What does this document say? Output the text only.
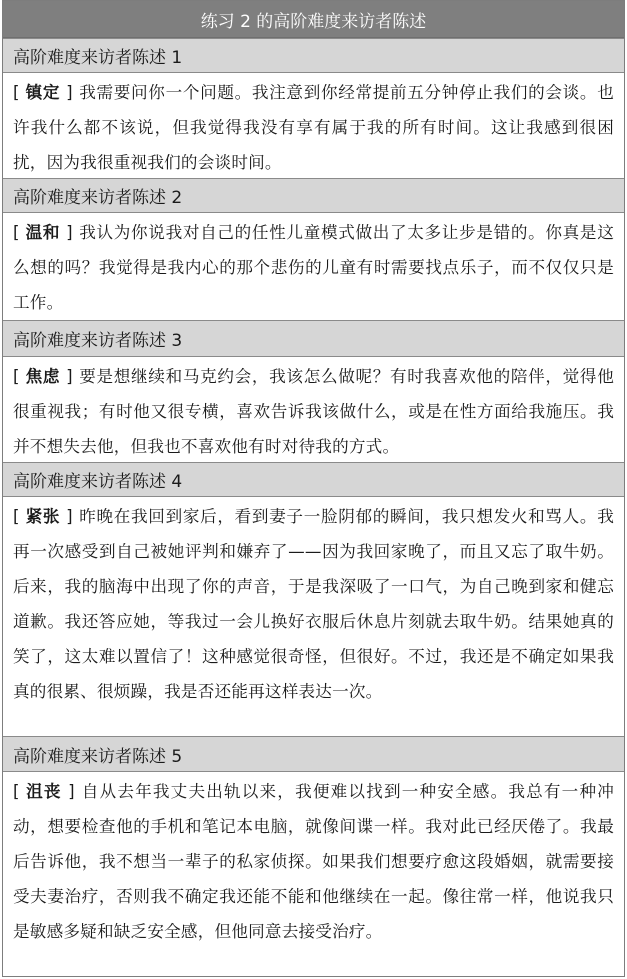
练习 2 的高阶难度来访者陈述
高阶难度来访者陈述 1
[ 镇定 ] 我需要问你一个问题。我注意到你经常提前五分钟停止我们的会谈。也许我什么都不该说，但我觉得我没有享有属于我的所有时间。这让我感到很困扰，因为我很重视我们的会谈时间。
高阶难度来访者陈述 2
[ 温和 ] 我认为你说我对自己的任性儿童模式做出了太多让步是错的。你真是这么想的吗？我觉得是我内心的那个悲伤的儿童有时需要找点乐子，而不仅仅只是工作。
高阶难度来访者陈述 3
[ 焦虑 ] 要是想继续和马克约会，我该怎么做呢？有时我喜欢他的陪伴，觉得他很重视我；有时他又很专横，喜欢告诉我该做什么，或是在性方面给我施压。我并不想失去他，但我也不喜欢他有时对待我的方式。
高阶难度来访者陈述 4
[ 紧张 ] 昨晚在我回到家后，看到妻子一脸阴郁的瞬间，我只想发火和骂人。我再一次感受到自己被她评判和嫌弃了——因为我回家晚了，而且又忘了取牛奶。后来，我的脑海中出现了你的声音，于是我深吸了一口气，为自己晚到家和健忘道歉。我还答应她，等我过一会儿换好衣服后休息片刻就去取牛奶。结果她真的笑了，这太难以置信了！这种感觉很奇怪，但很好。不过，我还是不确定如果我真的很累、很烦躁，我是否还能再这样表达一次。
高阶难度来访者陈述 5
[ 沮丧 ] 自从去年我丈夫出轨以来，我便难以找到一种安全感。我总有一种冲动，想要检查他的手机和笔记本电脑，就像间谍一样。我对此已经厌倦了。我最后告诉他，我不想当一辈子的私家侦探。如果我们想要疗愈这段婚姻，就需要接受夫妻治疗，否则我不确定我还能不能和他继续在一起。像往常一样，他说我只是敏感多疑和缺乏安全感，但他同意去接受治疗。
